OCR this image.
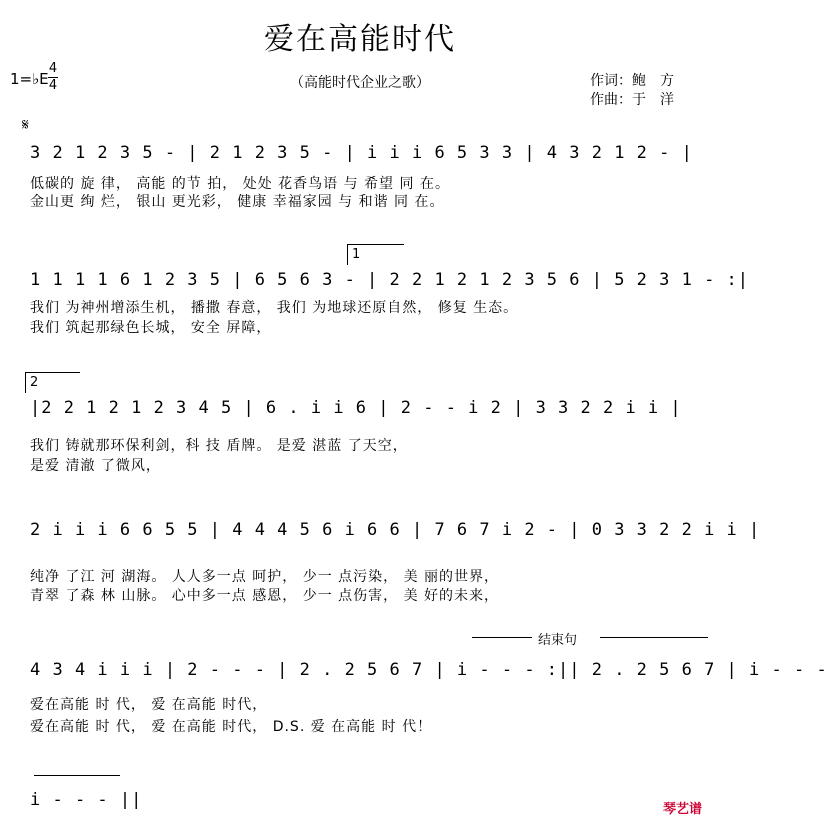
爱在高能时代
1=♭E
4
4	（高能时代企业之歌）	作词：鲍　方
作曲：于　洋
𝄋
3 2 1 2 3 5 - | 2 1 2 3 5 - | i i i 6 5 3 3 | 4 3 2 1 2 - |
低碳的 旋 律， 高能 的节 拍， 处处 花香鸟语 与 希望 同 在。
金山更 绚 烂， 银山 更光彩， 健康 幸福家园 与 和谐 同 在。
1
1 1 1 1 6 1 2 3 5 | 6 5 6 3 - | 2 2 1 2 1 2 3 5 6 | 5 2 3 1 - :|
我们 为神州增添生机， 播撒 春意， 我们 为地球还原自然， 修复 生态。
我们 筑起那绿色长城， 安全 屏障，
2
|2 2 1 2 1 2 3 4 5 | 6 . i i 6 | 2 - - i 2 | 3 3 2 2 i i |
我们 铸就那环保利剑，科 技 盾牌。 是爱 湛蓝 了天空，
是爱 清澈 了微风，
2 i i i 6 6 5 5 | 4 4 4 5 6 i 6 6 | 7 6 7 i 2 - | 0 3 3 2 2 i i |
纯净 了江 河 湖海。 人人多一点 呵护， 少一 点污染， 美 丽的世界，
青翠 了森 林 山脉。 心中多一点 感恩， 少一 点伤害， 美 好的未来，
结束句
4 3 4 i i i | 2 - - - | 2 . 2 5 6 7 | i - - - :|| 2 . 2 5 6 7 | i - - -
爱在高能 时 代， 爱 在高能 时代，
爱在高能 时 代， 爱 在高能 时代， D.S. 爱 在高能 时 代！
i - - - ||	琴艺谱
